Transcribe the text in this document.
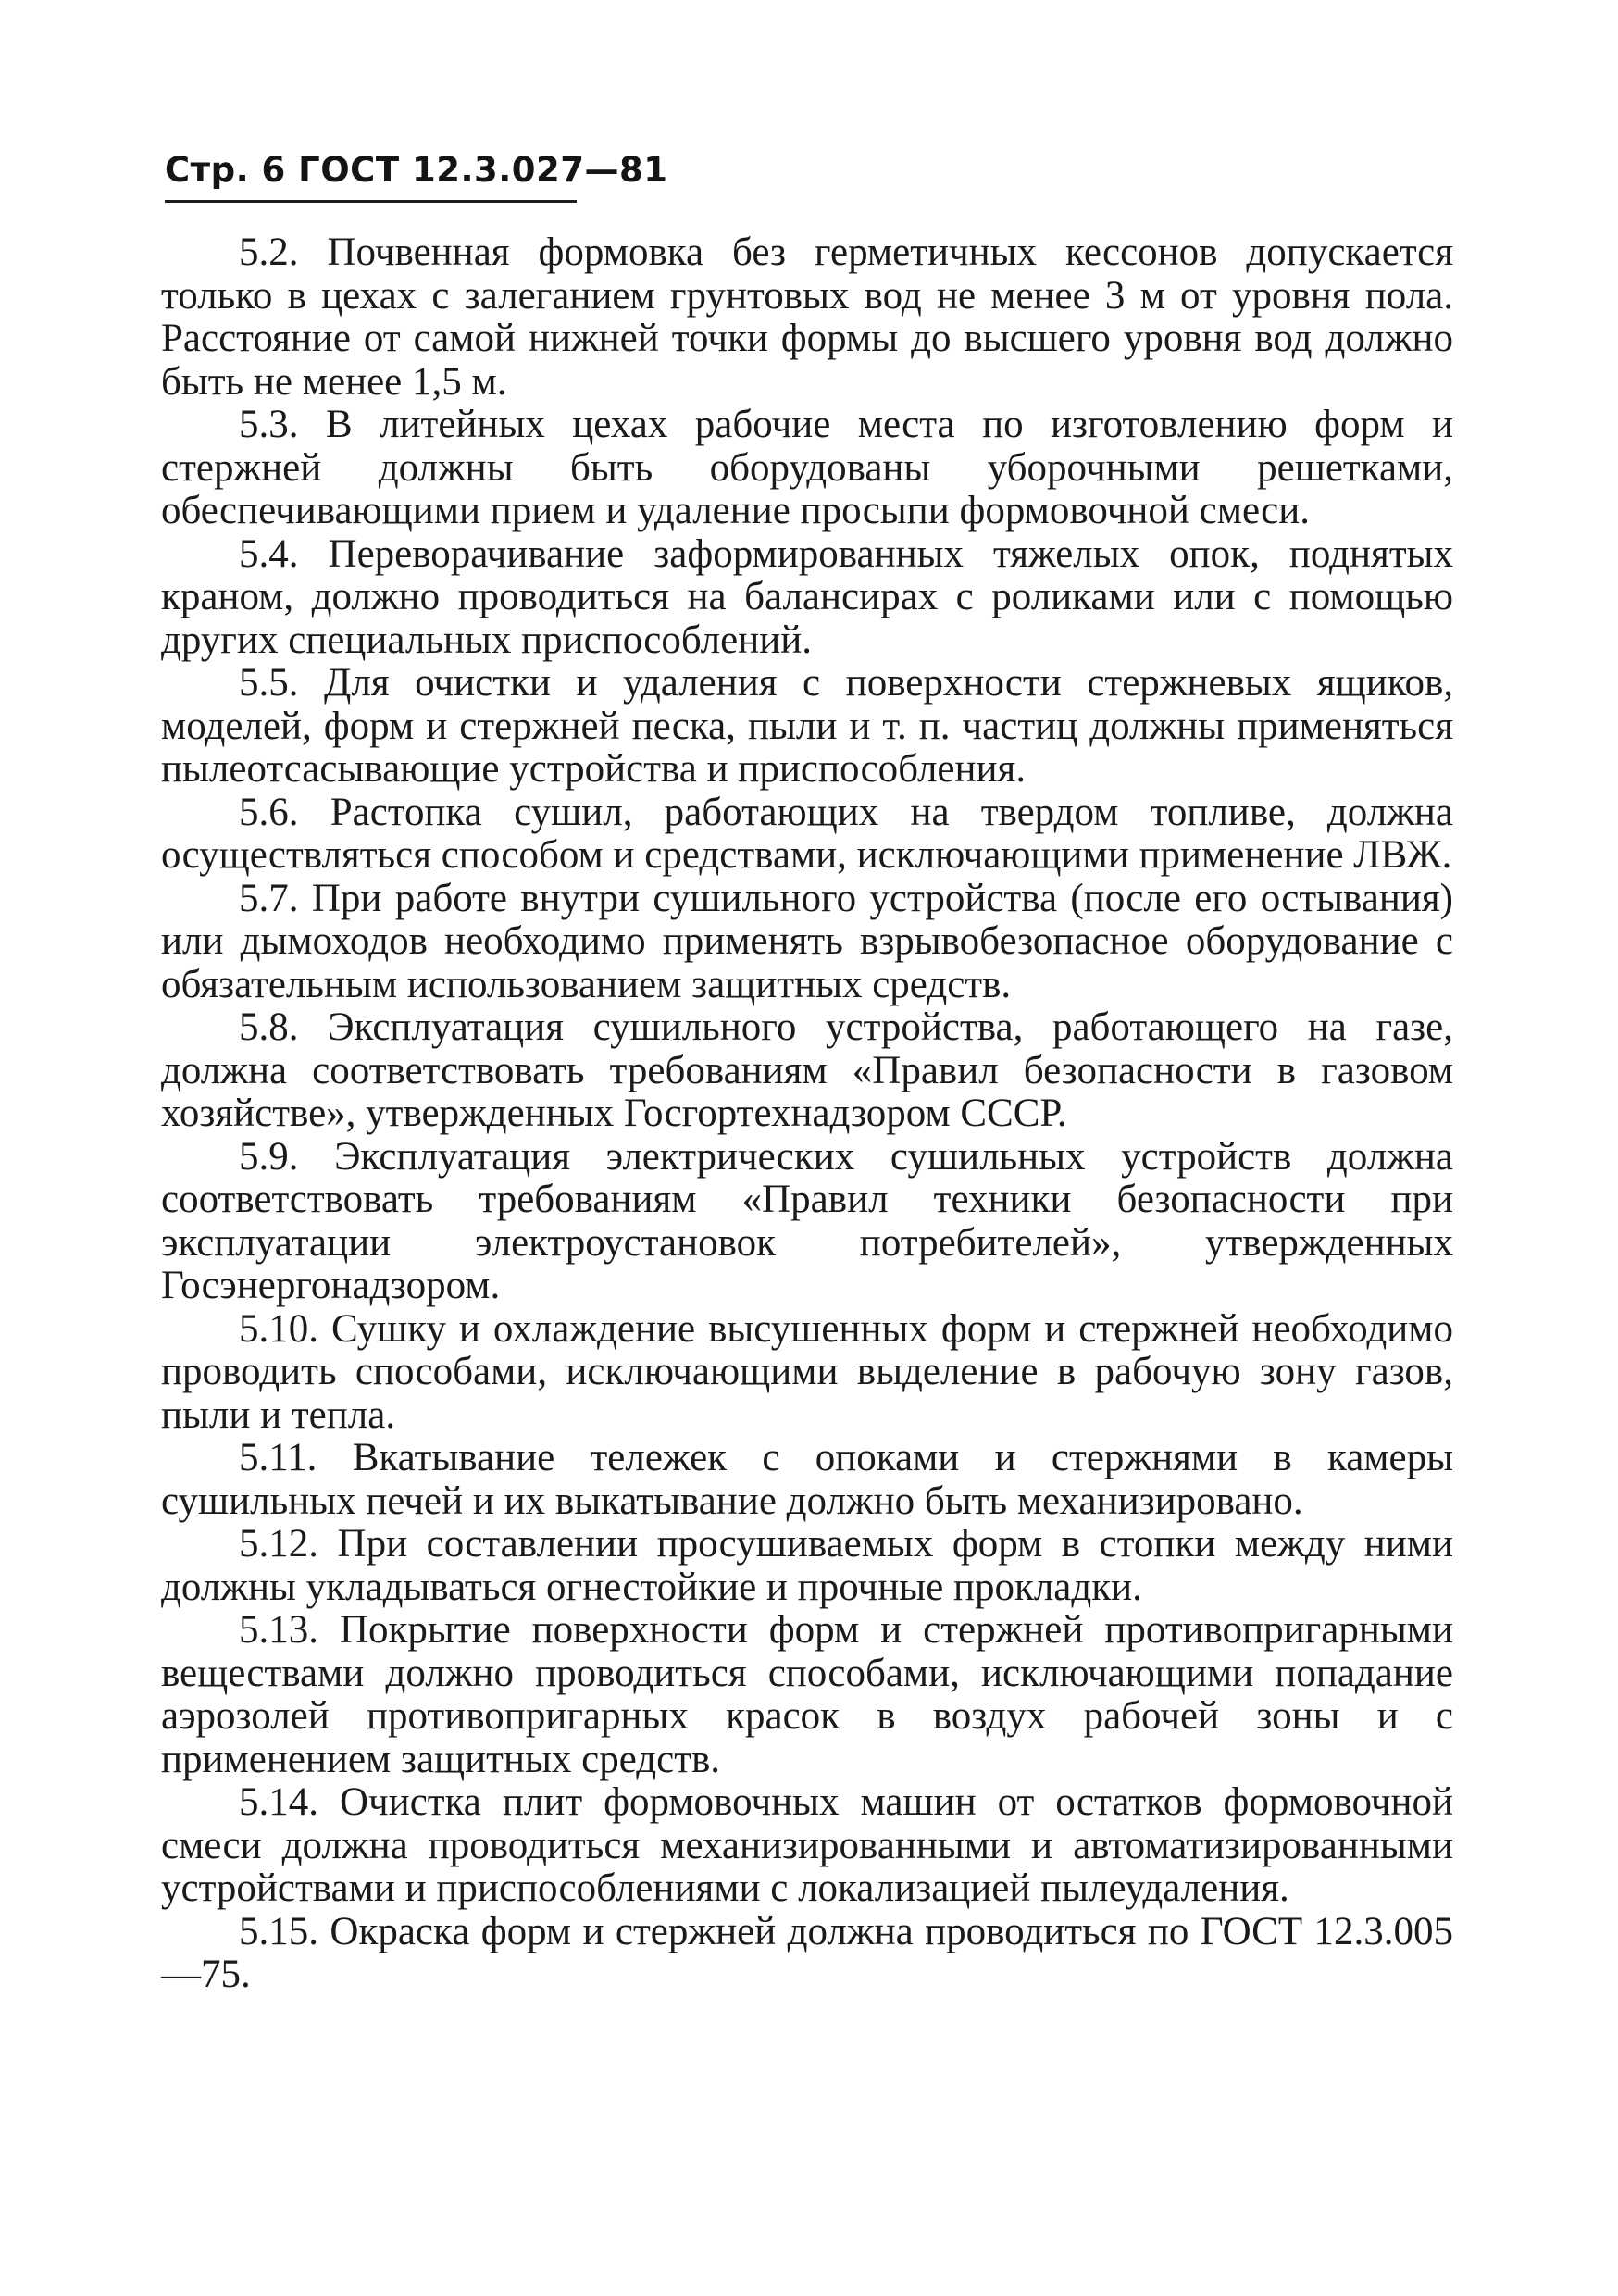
Стр. 6 ГОСТ 12.3.027—81

5.2. Почвенная формовка без герметичных кессонов допускается только в цехах с залеганием грунтовых вод не менее 3 м от уровня пола. Расстояние от самой нижней точки формы до высшего уровня вод должно быть не менее 1,5 м.

5.3. В литейных цехах рабочие места по изготовлению форм и стержней должны быть оборудованы уборочными решетками, обеспечивающими прием и удаление просыпи формовочной смеси.

5.4. Переворачивание заформированных тяжелых опок, поднятых краном, должно проводиться на балансирах с роликами или с помощью других специальных приспособлений.

5.5. Для очистки и удаления с поверхности стержневых ящиков, моделей, форм и стержней песка, пыли и т. п. частиц должны применяться пылеотсасывающие устройства и приспособления.

5.6. Растопка сушил, работающих на твердом топливе, должна осуществляться способом и средствами, исключающими применение ЛВЖ.

5.7. При работе внутри сушильного устройства (после его остывания) или дымоходов необходимо применять взрывобезопасное оборудование с обязательным использованием защитных средств.

5.8. Эксплуатация сушильного устройства, работающего на газе, должна соответствовать требованиям «Правил безопасности в газовом хозяйстве», утвержденных Госгортехнадзором СССР.

5.9. Эксплуатация электрических сушильных устройств должна соответствовать требованиям «Правил техники безопасности при эксплуатации электроустановок потребителей», утвержденных Госэнергонадзором.

5.10. Сушку и охлаждение высушенных форм и стержней необходимо проводить способами, исключающими выделение в рабочую зону газов, пыли и тепла.

5.11. Вкатывание тележек с опоками и стержнями в камеры сушильных печей и их выкатывание должно быть механизировано.

5.12. При составлении просушиваемых форм в стопки между ними должны укладываться огнестойкие и прочные прокладки.

5.13. Покрытие поверхности форм и стержней противопригарными веществами должно проводиться способами, исключающими попадание аэрозолей противопригарных красок в воздух рабочей зоны и с применением защитных средств.

5.14. Очистка плит формовочных машин от остатков формовочной смеси должна проводиться механизированными и автоматизированными устройствами и приспособлениями с локализацией пылеудаления.

5.15. Окраска форм и стержней должна проводиться по ГОСТ 12.3.005—75.
